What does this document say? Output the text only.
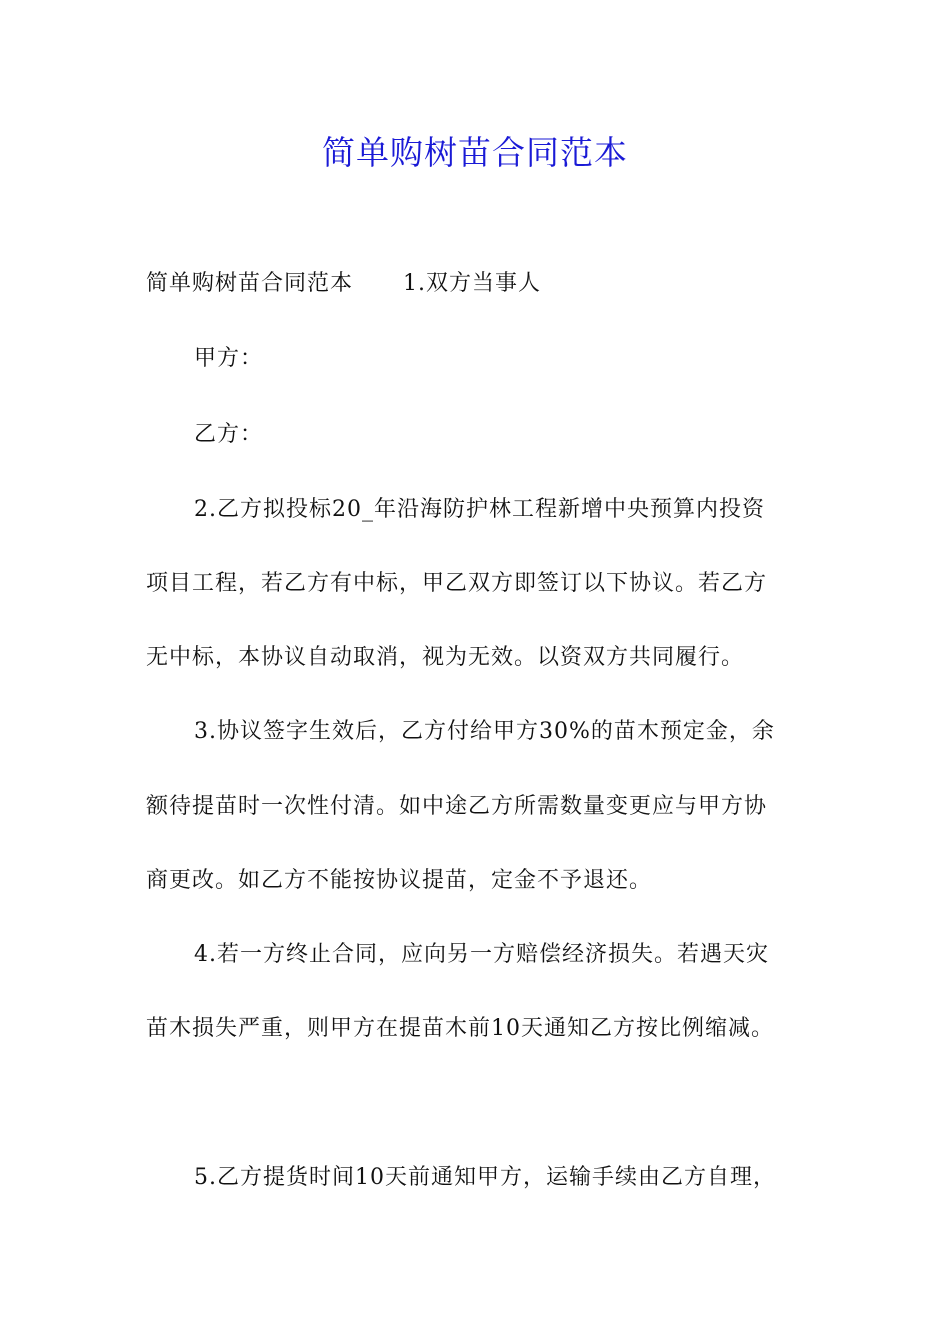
简单购树苗合同范本

简单购树苗合同范本 1.双方当事人

甲方：

乙方：

2.乙方拟投标20_年沿海防护林工程新增中央预算内投资

项目工程，若乙方有中标，甲乙双方即签订以下协议。若乙方

无中标，本协议自动取消，视为无效。以资双方共同履行。

3.协议签字生效后，乙方付给甲方30%的苗木预定金，余

额待提苗时一次性付清。如中途乙方所需数量变更应与甲方协

商更改。如乙方不能按协议提苗，定金不予退还。

4.若一方终止合同，应向另一方赔偿经济损失。若遇天灾

苗木损失严重，则甲方在提苗木前10天通知乙方按比例缩减。

5.乙方提货时间10天前通知甲方，运输手续由乙方自理，
